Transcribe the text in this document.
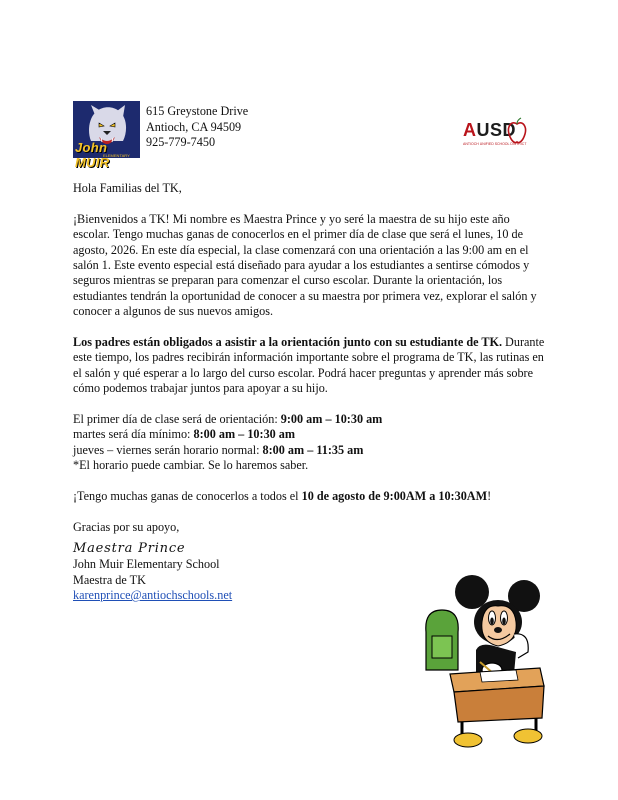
John MUIR
ELEMENTARY
615 Greystone Drive
Antioch, CA 94509
925-779-7450
AUSD
ANTIOCH UNIFIED SCHOOL DISTRICT

Hola Familias del TK,

¡Bienvenidos a TK! Mi nombre es Maestra Prince y yo seré la maestra de su hijo este año
escolar. Tengo muchas ganas de conocerlos en el primer día de clase que será el lunes, 10 de
agosto, 2026. En este día especial, la clase comenzará con una orientación a las 9:00 am en el
salón 1. Este evento especial está diseñado para ayudar a los estudiantes a sentirse cómodos y
seguros mientras se preparan para comenzar el curso escolar. Durante la orientación, los
estudiantes tendrán la oportunidad de conocer a su maestra por primera vez, explorar el salón y
conocer a algunos de sus nuevos amigos.
Los padres están obligados a asistir a la orientación junto con su estudiante de TK. Durante
este tiempo, los padres recibirán información importante sobre el programa de TK, las rutinas en
el salón y qué esperar a lo largo del curso escolar. Podrá hacer preguntas y aprender más sobre
cómo podemos trabajar juntos para apoyar a su hijo.
El primer día de clase será de orientación: 9:00 am – 10:30 am
martes será día mínimo: 8:00 am – 10:30 am
jueves – viernes serán horario normal: 8:00 am – 11:35 am
*El horario puede cambiar. Se lo haremos saber.
¡Tengo muchas ganas de conocerlos a todos el 10 de agosto de 9:00AM a 10:30AM!
Gracias por su apoyo,
Maestra Prince
John Muir Elementary School
Maestra de TK
karenprince@antiochschools.net
